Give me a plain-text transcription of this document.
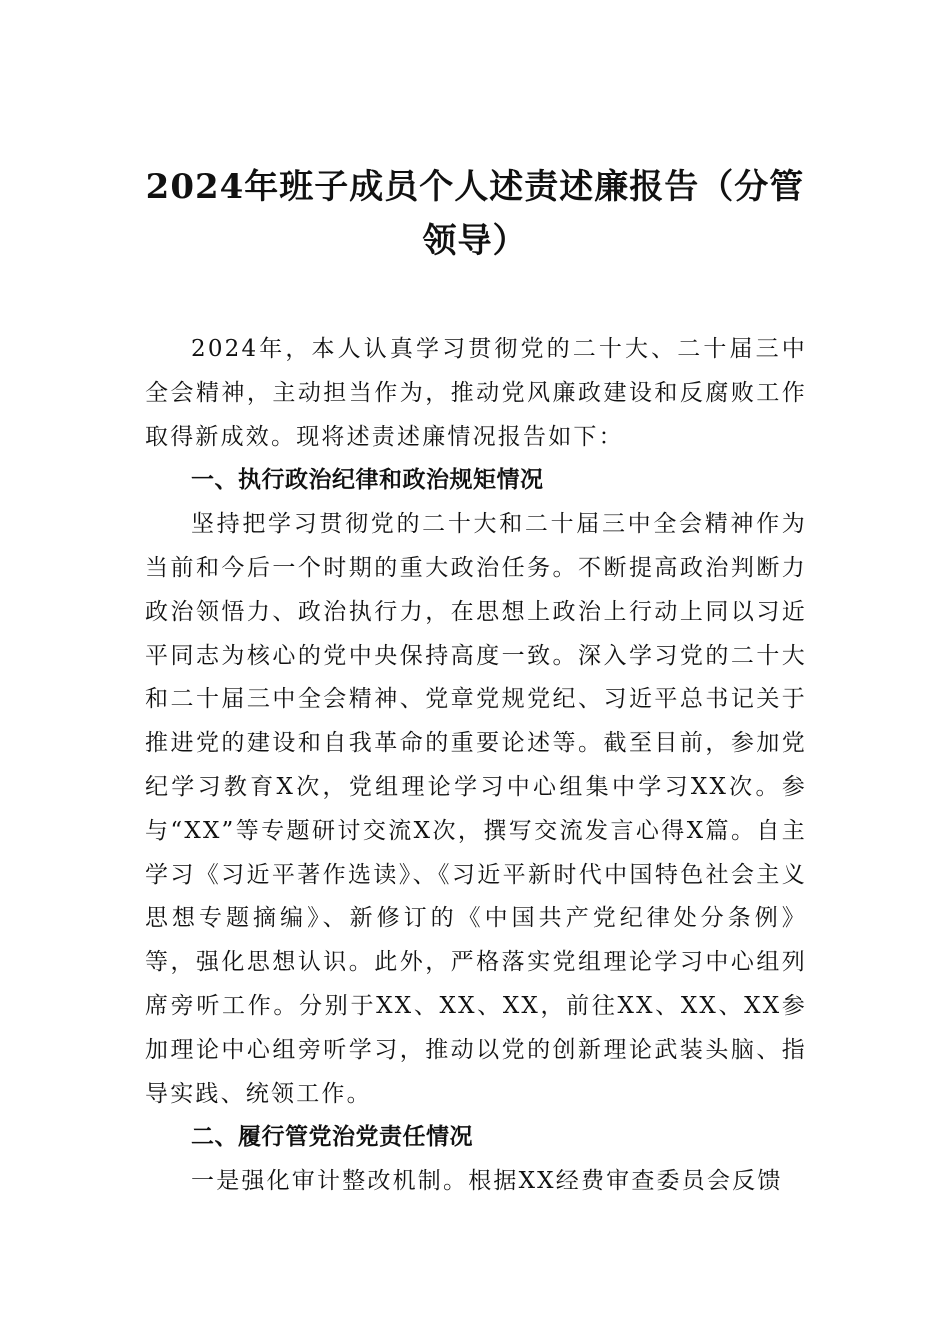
2024年班子成员个人述责述廉报告（分管
领导）

2024年，本人认真学习贯彻党的二十大、二十届三中全会精神，主动担当作为，推动党风廉政建设和反腐败工作取得新成效。现将述责述廉情况报告如下：

一、执行政治纪律和政治规矩情况

坚持把学习贯彻党的二十大和二十届三中全会精神作为当前和今后一个时期的重大政治任务。不断提高政治判断力政治领悟力、政治执行力，在思想上政治上行动上同以习近平同志为核心的党中央保持高度一致。深入学习党的二十大和二十届三中全会精神、党章党规党纪、习近平总书记关于推进党的建设和自我革命的重要论述等。截至目前，参加党纪学习教育X次，党组理论学习中心组集中学习XX次。参与“XX”等专题研讨交流X次，撰写交流发言心得X篇。自主学习《习近平著作选读》、《习近平新时代中国特色社会主义思想专题摘编》、新修订的《中国共产党纪律处分条例》等，强化思想认识。此外，严格落实党组理论学习中心组列席旁听工作。分别于XX、XX、XX，前往XX、XX、XX参加理论中心组旁听学习，推动以党的创新理论武装头脑、指导实践、统领工作。

二、履行管党治党责任情况

一是强化审计整改机制。根据XX经费审查委员会反馈
